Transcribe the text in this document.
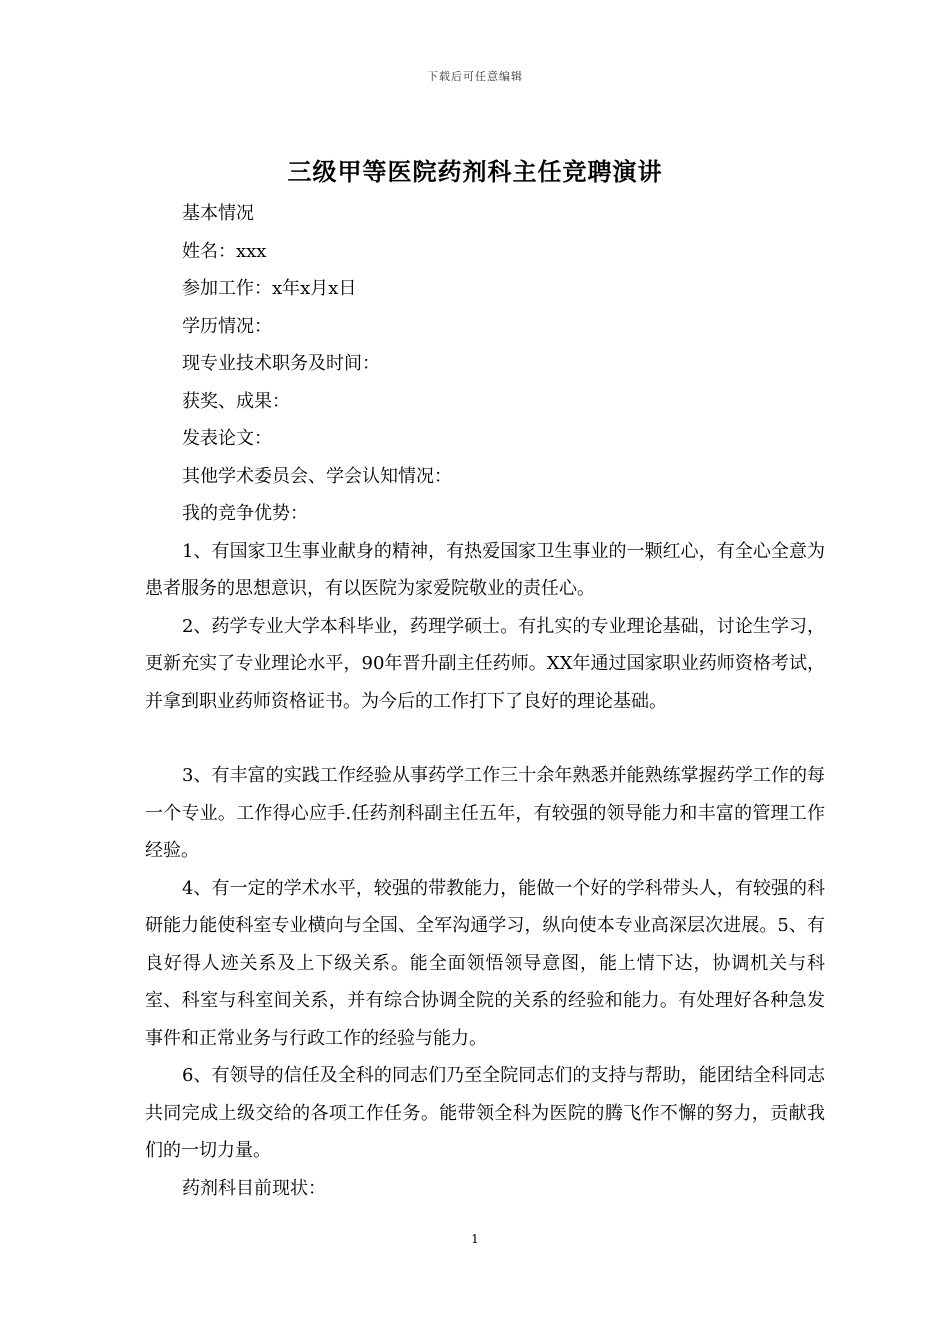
下载后可任意编辑
三级甲等医院药剂科主任竞聘演讲

基本情况

姓名：xxx

参加工作：x年x月x日

学历情况：

现专业技术职务及时间：

获奖、成果：

发表论文：

其他学术委员会、学会认知情况：

我的竞争优势：

1、有国家卫生事业献身的精神，有热爱国家卫生事业的一颗红心，有全心全意为患者服务的思想意识，有以医院为家爱院敬业的责任心。

2、药学专业大学本科毕业，药理学硕士。有扎实的专业理论基础，讨论生学习，更新充实了专业理论水平，90年晋升副主任药师。XX年通过国家职业药师资格考试，并拿到职业药师资格证书。为今后的工作打下了良好的理论基础。

3、有丰富的实践工作经验从事药学工作三十余年熟悉并能熟练掌握药学工作的每一个专业。工作得心应手.任药剂科副主任五年，有较强的领导能力和丰富的管理工作经验。

4、有一定的学术水平，较强的带教能力，能做一个好的学科带头人，有较强的科研能力能使科室专业横向与全国、全军沟通学习，纵向使本专业高深层次进展。5、有良好得人迹关系及上下级关系。能全面领悟领导意图，能上情下达，协调机关与科室、科室与科室间关系，并有综合协调全院的关系的经验和能力。有处理好各种急发事件和正常业务与行政工作的经验与能力。

6、有领导的信任及全科的同志们乃至全院同志们的支持与帮助，能团结全科同志共同完成上级交给的各项工作任务。能带领全科为医院的腾飞作不懈的努力，贡献我们的一切力量。

药剂科目前现状：

1
